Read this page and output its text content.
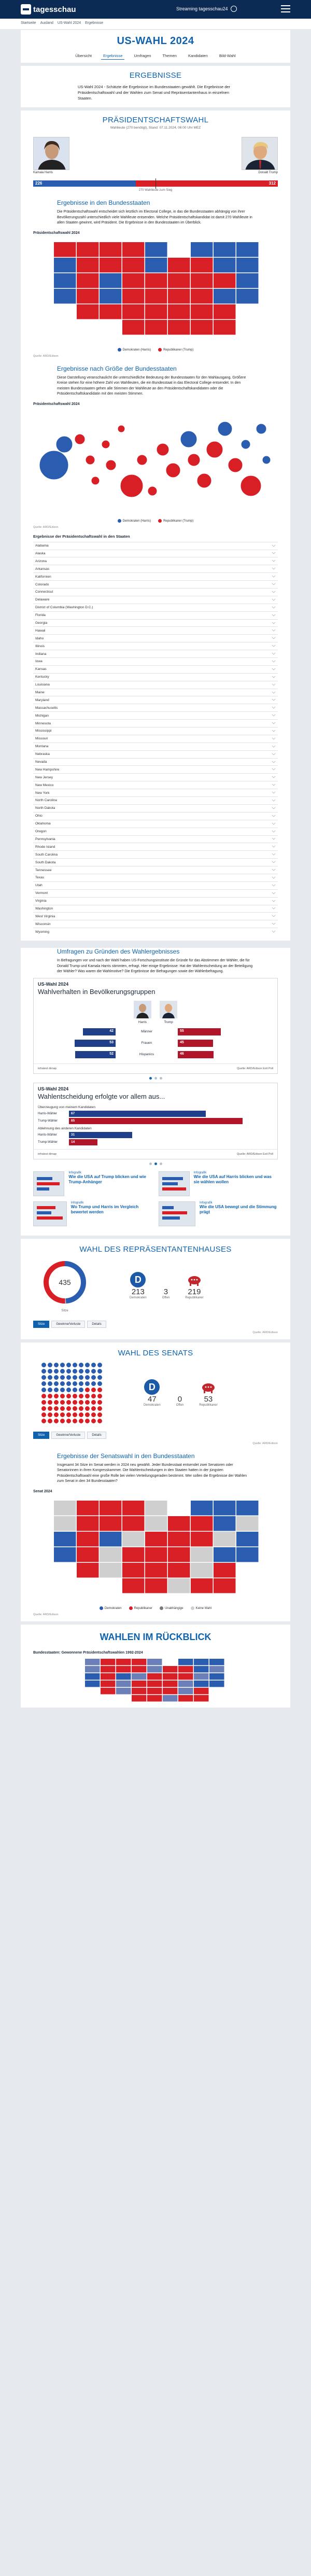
tagesschau	Streaming tagesschau24
Startseite Ausland US-Wahl 2024 Ergebnisse
US-WAHL 2024
Übersicht	Ergebnisse	Umfragen	Themen	Kandidaten	Bild-Wahl
ERGEBNISSE

US-Wahl 2024 - Schätzte die Ergebnisse im Bundesstaaten gewählt. Die Ergebnisse der Präsidentschaftswahl und der Wahlen zum Senat und Repräsentantenhaus in einzelnen Staaten.

PRÄSIDENTSCHAFTSWAHL
Wahlleute (270 benötigt), Stand: 07.11.2024, 06:00 Uhr MEZ
Kamala Harris	Donald Trump
226	312
270 Wahlleute zum Sieg
Ergebnisse in den Bundesstaaten

Die Präsidentschaftswahl entscheidet sich letztlich im Electoral College, in das die Bundesstaaten abhängig von ihrer Bevölkerungszahl unterschiedlich viele Wahlleute entsenden. Welche Präsidentschaftskandidat ist damit 270 Wahlleute in allen Staaten gewinnt, wird Präsident. Die Ergebnisse in den Bundesstaaten im Überblick.

Präsidentschaftswahl 2024
Demokraten (Harris)	Republikaner (Trump)
Quelle: ARD/Edison
Ergebnisse nach Größe der Bundesstaaten

Diese Darstellung veranschaulicht die unterschiedliche Bedeutung der Bundesstaaten für den Wahlausgang. Größere Kreise stehen für eine höhere Zahl von Wahlleuten, die ein Bundesstaat in das Electoral College entsendet. In den meisten Bundesstaaten gehen alle Stimmen der Wahlleute an den Präsidentschaftskandidaten oder die Präsidentschaftskandidatin mit den meisten Stimmen.

Präsidentschaftswahl 2024
Demokraten (Harris)	Republikaner (Trump)
Quelle: ARD/Edison
Ergebnisse der Präsidentschaftswahl in den Staaten
Alabama
Alaska
Arizona
Arkansas
Kalifornien
Colorado
Connecticut
Delaware
District of Columbia (Washington D.C.)
Florida
Georgia
Hawaii
Idaho
Illinois
Indiana
Iowa
Kansas
Kentucky
Louisiana
Maine
Maryland
Massachusetts
Michigan
Minnesota
Mississippi
Missouri
Montana
Nebraska
Nevada
New Hampshire
New Jersey
New Mexico
New York
North Carolina
North Dakota
Ohio
Oklahoma
Oregon
Pennsylvania
Rhode Island
South Carolina
South Dakota
Tennessee
Texas
Utah
Vermont
Virginia
Washington
West Virginia
Wisconsin
Wyoming
Umfragen zu Gründen des Wahlergebnisses

In Befragungen vor und nach der Wahl haben US-Forschungsinstitute die Gründe für das Abstimmen der Wähler, die für Donald Trump und Kamala Harris stimmten, erfragt. Hier einige Ergebnisse: Hat der Wahlentscheidung an der Beteiligung der Wähler? Was waren die Wahlmotive? Die Ergebnisse der Befragungen sowie der Wählerbefragung.

US-Wahl 2024
Wahlverhalten in Bevölkerungsgruppen
Harris	Trump
42	Männer	55
53	Frauen	45
52	Hispanics	46
infratest dimap	Quelle: ARD/Edison Exit Poll
US-Wahl 2024
Wahlentscheidung erfolgte vor allem aus...
Überzeugung von meinem Kandidaten
Harris-Wähler	67
Trump-Wähler	85
Ablehnung des anderen Kandidaten
Harris-Wähler	31
Trump-Wähler	14
infratest dimap	Quelle: ARD/Edison Exit Poll
Infografik
Wie die USA auf Trump blicken und wie Trump-Anhänger
Infografik
Wo Trump und Harris im Vergleich bewertet werden
Infografik
Wie die USA auf Harris blicken und was sie wählen wollen
Infografik
Wie die USA bewegt und die Stimmung prägt
WAHL DES REPRÄSENTANTENHAUSES
435
Sitze
D
213
Demokraten
3
Offen
219
Republikaner
Sitze	Gewinne/Verluste	Details
Quelle: ARD/Edison
WAHL DES SENATS
D
47
Demokraten
0
Offen
53
Republikaner
Sitze	Gewinne/Verluste	Details
Quelle: ARD/Edison
Ergebnisse der Senatswahl in den Bundesstaaten

Insgesamt 34 Sitze im Senat werden in 2024 neu gewählt. Jeder Bundesstaat entsendet zwei Senatoren oder Senatorinnen in ihren Kongresskammer. Die Wahlentscheidungen in den Staaten hatten in der jüngsten Präsidentschaftswahl eine große Rolle bei vielen Verteilungsgeraden bestimmt. Wer sollen die Ergebnisse der Wahlen zum Senat in den 34 Bundesstaaten?

Senat 2024
Demokraten	Republikaner	Unabhängige	Keine Wahl
Quelle: ARD/Edison
WAHLEN IM RÜCKBLICK
Bundesstaaten: Gewonnene Präsidentschaftswahlen 1992-2024
